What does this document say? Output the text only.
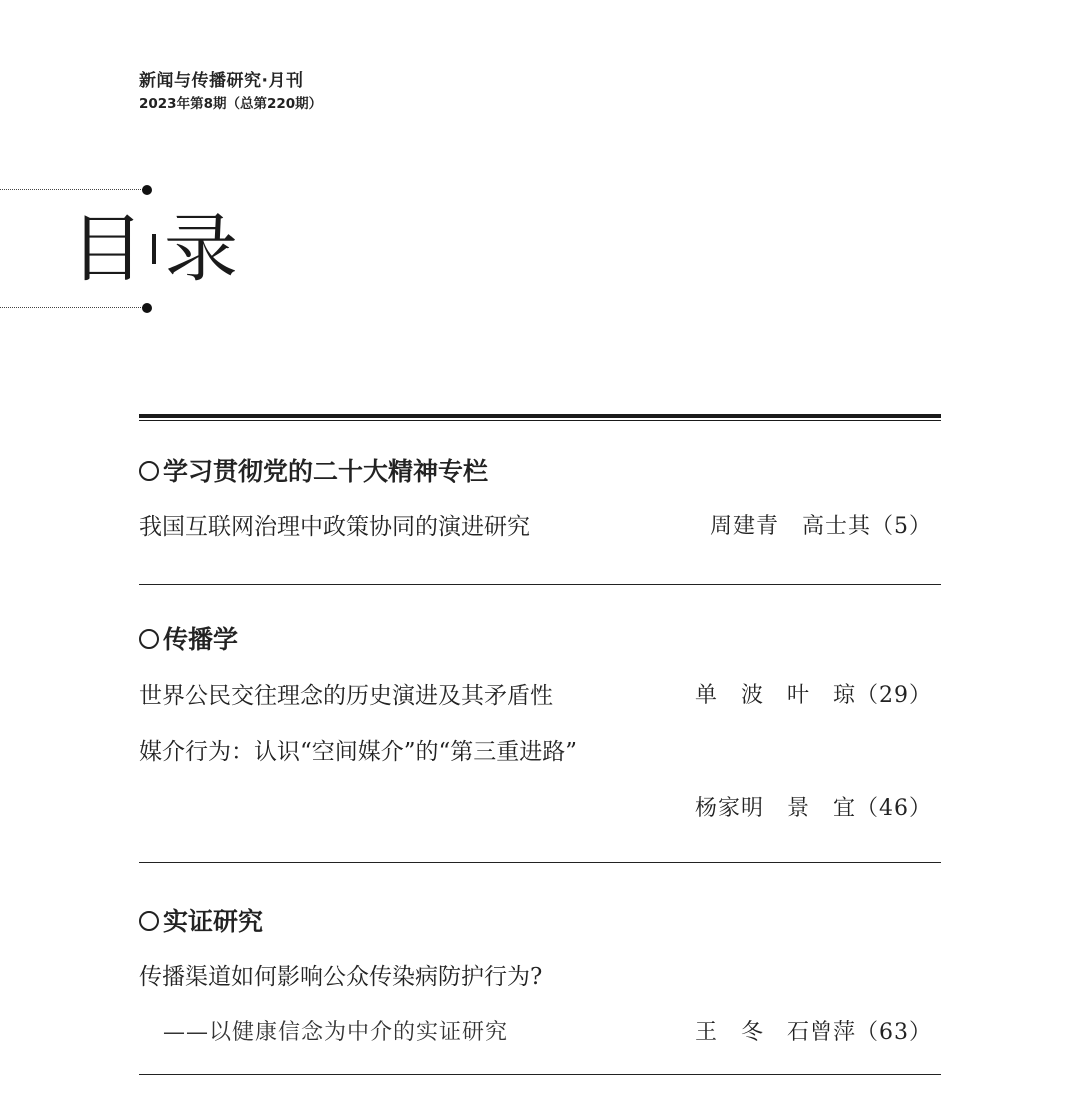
新闻与传播研究·月刊
2023年第8期（总第220期）
目 录
学习贯彻党的二十大精神专栏
我国互联网治理中政策协同的演进研究	周建青　高士其（5）
传播学
世界公民交往理念的历史演进及其矛盾性	单　波　叶　琼（29）
媒介行为：认识“空间媒介”的“第三重进路”
杨家明　景　宜（46）
实证研究
传播渠道如何影响公众传染病防护行为?
——以健康信念为中介的实证研究	王　冬　石曾萍（63）
